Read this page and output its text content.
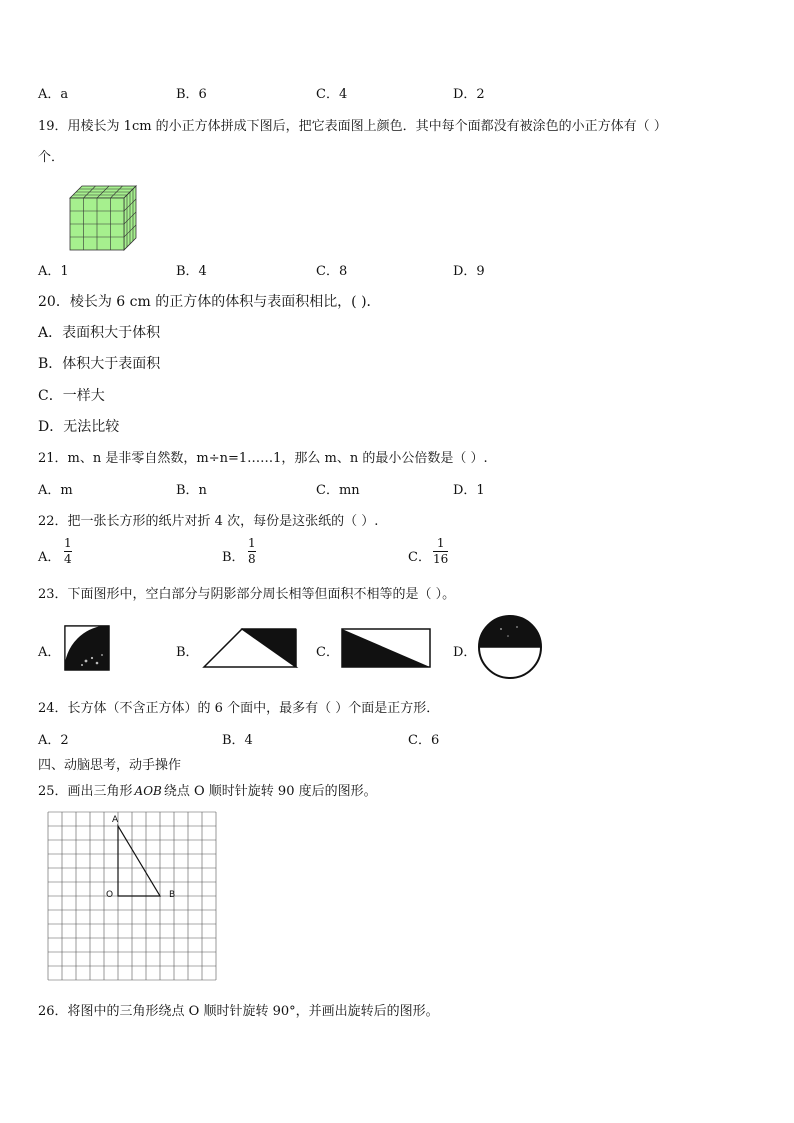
A．a	B．6	C．4	D．2
19．用棱长为 1cm 的小正方体拼成下图后，把它表面图上颜色．其中每个面都没有被涂色的小正方体有（ ）
个．
A．1	B．4	C．8	D．9
20．棱长为 6 cm 的正方体的体积与表面积相比，( )．
A．表面积大于体积
B．体积大于表面积
C．一样大
D．无法比较
21．m、n 是非零自然数，m÷n=1……1，那么 m、n 的最小公倍数是（ ）.
A．m	B．n	C．mn	D．1
22．把一张长方形的纸片对折 4 次，每份是这张纸的（ ）.
A．
1
4	B．
1
8	C．
1
16
23．下面图形中，空白部分与阴影部分周长相等但面积不相等的是（ ）。
A．	B．	C．	D．
24．长方体（不含正方体）的 6 个面中，最多有（ ）个面是正方形．
A．2	B．4	C．6
四、动脑思考，动手操作
25．画出三角形 AOB 绕点 O 顺时针旋转 90 度后的图形。
A
O	B
26．将图中的三角形绕点 O 顺时针旋转 90°，并画出旋转后的图形。
